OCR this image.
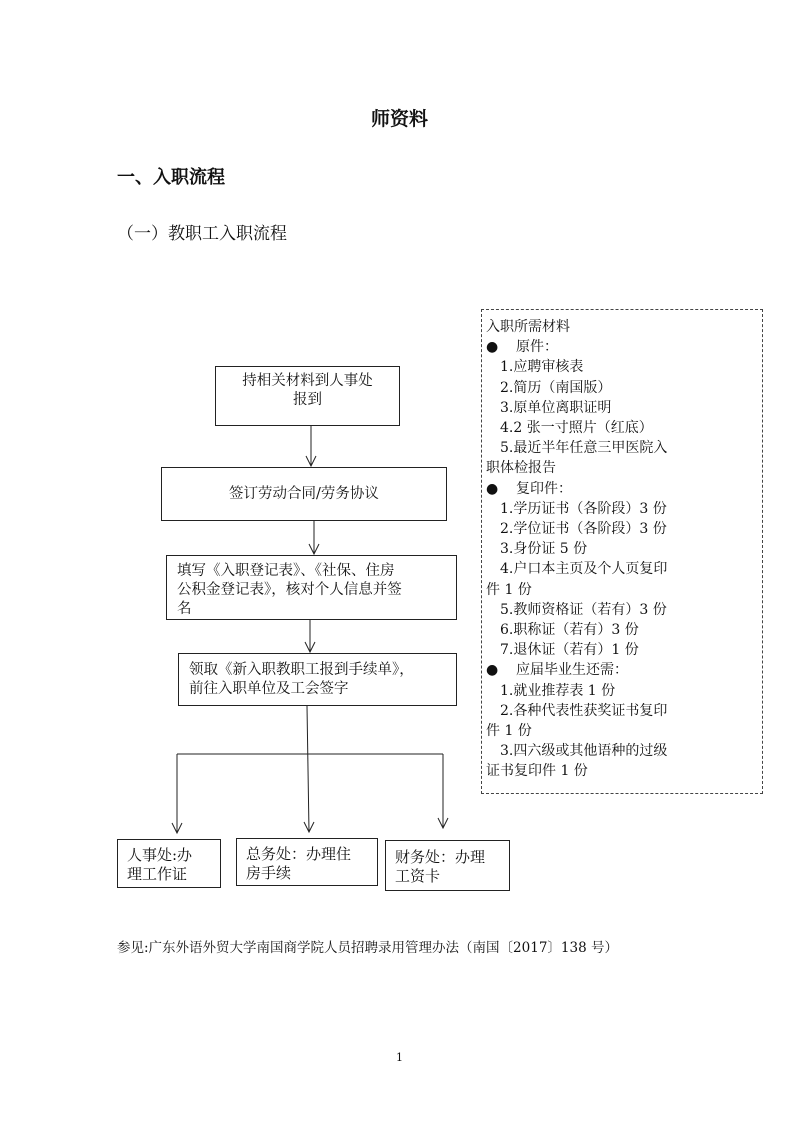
师资料
一、入职流程
（一）教职工入职流程
持相关材料到人事处
报到
签订劳动合同/劳务协议
填写《入职登记表》、《社保、住房
公积金登记表》，核对个人信息并签
名
领取《新入职教职工报到手续单》，
前往入职单位及工会签字
人事处:办
理工作证
总务处：办理住
房手续
财务处：办理
工资卡
入职所需材料
● 原件：
1.应聘审核表
2.简历（南国版）
3.原单位离职证明
4.2 张一寸照片（红底）
5.最近半年任意三甲医院入
职体检报告
● 复印件：
1.学历证书（各阶段）3 份
2.学位证书（各阶段）3 份
3.身份证 5 份
4.户口本主页及个人页复印
件 1 份
5.教师资格证（若有）3 份
6.职称证（若有）3 份
7.退休证（若有）1 份
● 应届毕业生还需：
1.就业推荐表 1 份
2.各种代表性获奖证书复印
件 1 份
3.四六级或其他语种的过级
证书复印件 1 份
参见:广东外语外贸大学南国商学院人员招聘录用管理办法（南国〔2017〕138 号）
1
